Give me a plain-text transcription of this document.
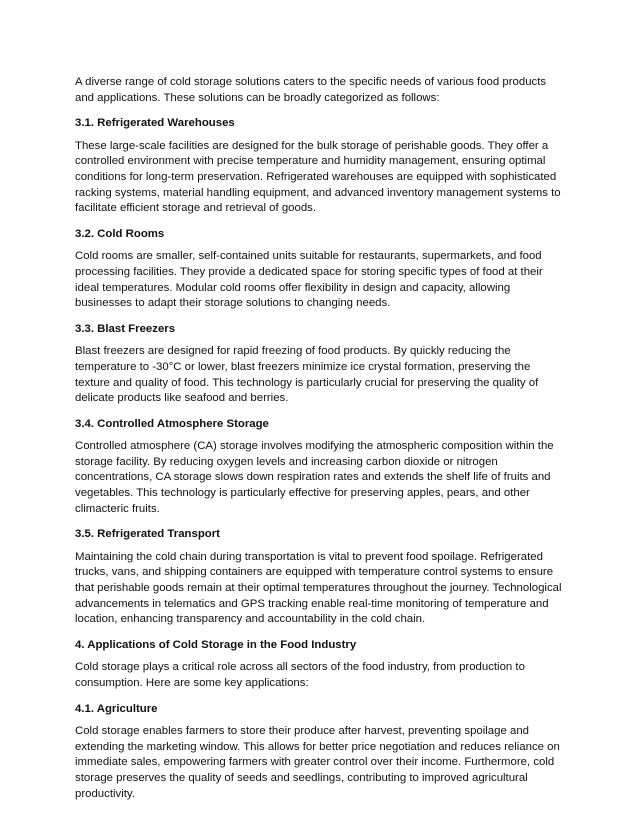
A diverse range of cold storage solutions caters to the specific needs of various food products and applications. These solutions can be broadly categorized as follows:

3.1. Refrigerated Warehouses

These large-scale facilities are designed for the bulk storage of perishable goods. They offer a controlled environment with precise temperature and humidity management, ensuring optimal conditions for long-term preservation. Refrigerated warehouses are equipped with sophisticated racking systems, material handling equipment, and advanced inventory management systems to facilitate efficient storage and retrieval of goods.

3.2. Cold Rooms

Cold rooms are smaller, self-contained units suitable for restaurants, supermarkets, and food processing facilities. They provide a dedicated space for storing specific types of food at their ideal temperatures. Modular cold rooms offer flexibility in design and capacity, allowing businesses to adapt their storage solutions to changing needs.

3.3. Blast Freezers

Blast freezers are designed for rapid freezing of food products. By quickly reducing the temperature to -30°C or lower, blast freezers minimize ice crystal formation, preserving the texture and quality of food. This technology is particularly crucial for preserving the quality of delicate products like seafood and berries.

3.4. Controlled Atmosphere Storage

Controlled atmosphere (CA) storage involves modifying the atmospheric composition within the storage facility. By reducing oxygen levels and increasing carbon dioxide or nitrogen concentrations, CA storage slows down respiration rates and extends the shelf life of fruits and vegetables. This technology is particularly effective for preserving apples, pears, and other climacteric fruits.

3.5. Refrigerated Transport

Maintaining the cold chain during transportation is vital to prevent food spoilage. Refrigerated trucks, vans, and shipping containers are equipped with temperature control systems to ensure that perishable goods remain at their optimal temperatures throughout the journey. Technological advancements in telematics and GPS tracking enable real-time monitoring of temperature and location, enhancing transparency and accountability in the cold chain.

4. Applications of Cold Storage in the Food Industry

Cold storage plays a critical role across all sectors of the food industry, from production to consumption. Here are some key applications:

4.1. Agriculture

Cold storage enables farmers to store their produce after harvest, preventing spoilage and extending the marketing window. This allows for better price negotiation and reduces reliance on immediate sales, empowering farmers with greater control over their income. Furthermore, cold storage preserves the quality of seeds and seedlings, contributing to improved agricultural productivity.
